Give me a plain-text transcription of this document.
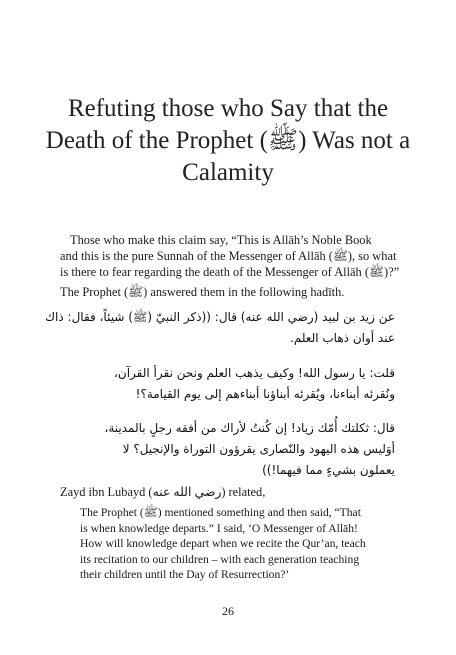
Refuting those who Say that the
Death of the Prophet (ﷺ) Was not a
Calamity
Those who make this claim say, “This is Allāh’s Noble Book
and this is the pure Sunnah of the Messenger of Allāh (ﷺ), so what
is there to fear regarding the death of the Messenger of Allāh (ﷺ)?”
The Prophet (ﷺ) answered them in the following hadīth.
عن زيد بن لبيد (رضي الله عنه) قال: ((ذكر النبيّ (ﷺ) شيئاً، فقال: ذاك
عند أوان ذهاب العلم.
قلت: يا رسول الله! وكيف يذهب العلم ونحن نقرأ القرآن،
ونُقرئه أبناءنا، ويُقرئه أبناؤنا أبناءهم إلى يوم القيامة؟!
قال: ثكلتك أُمّك زياد! إن كُنتُ لأراك من أفقه رجلٍ بالمدينة،
أوَليس هذه اليهود والنّصارى يقرؤون التوراة والإنجيل؟ لا
يعملون بشيءٍ مما فيهما!))
Zayd ibn Lubayd (رضي الله عنه) related,
The Prophet (ﷺ) mentioned something and then said, “That
is when knowledge departs.” I said, ‘O Messenger of Allāh!
How will knowledge depart when we recite the Qur’an, teach
its recitation to our children – with each generation teaching
their children until the Day of Resurrection?’
26
